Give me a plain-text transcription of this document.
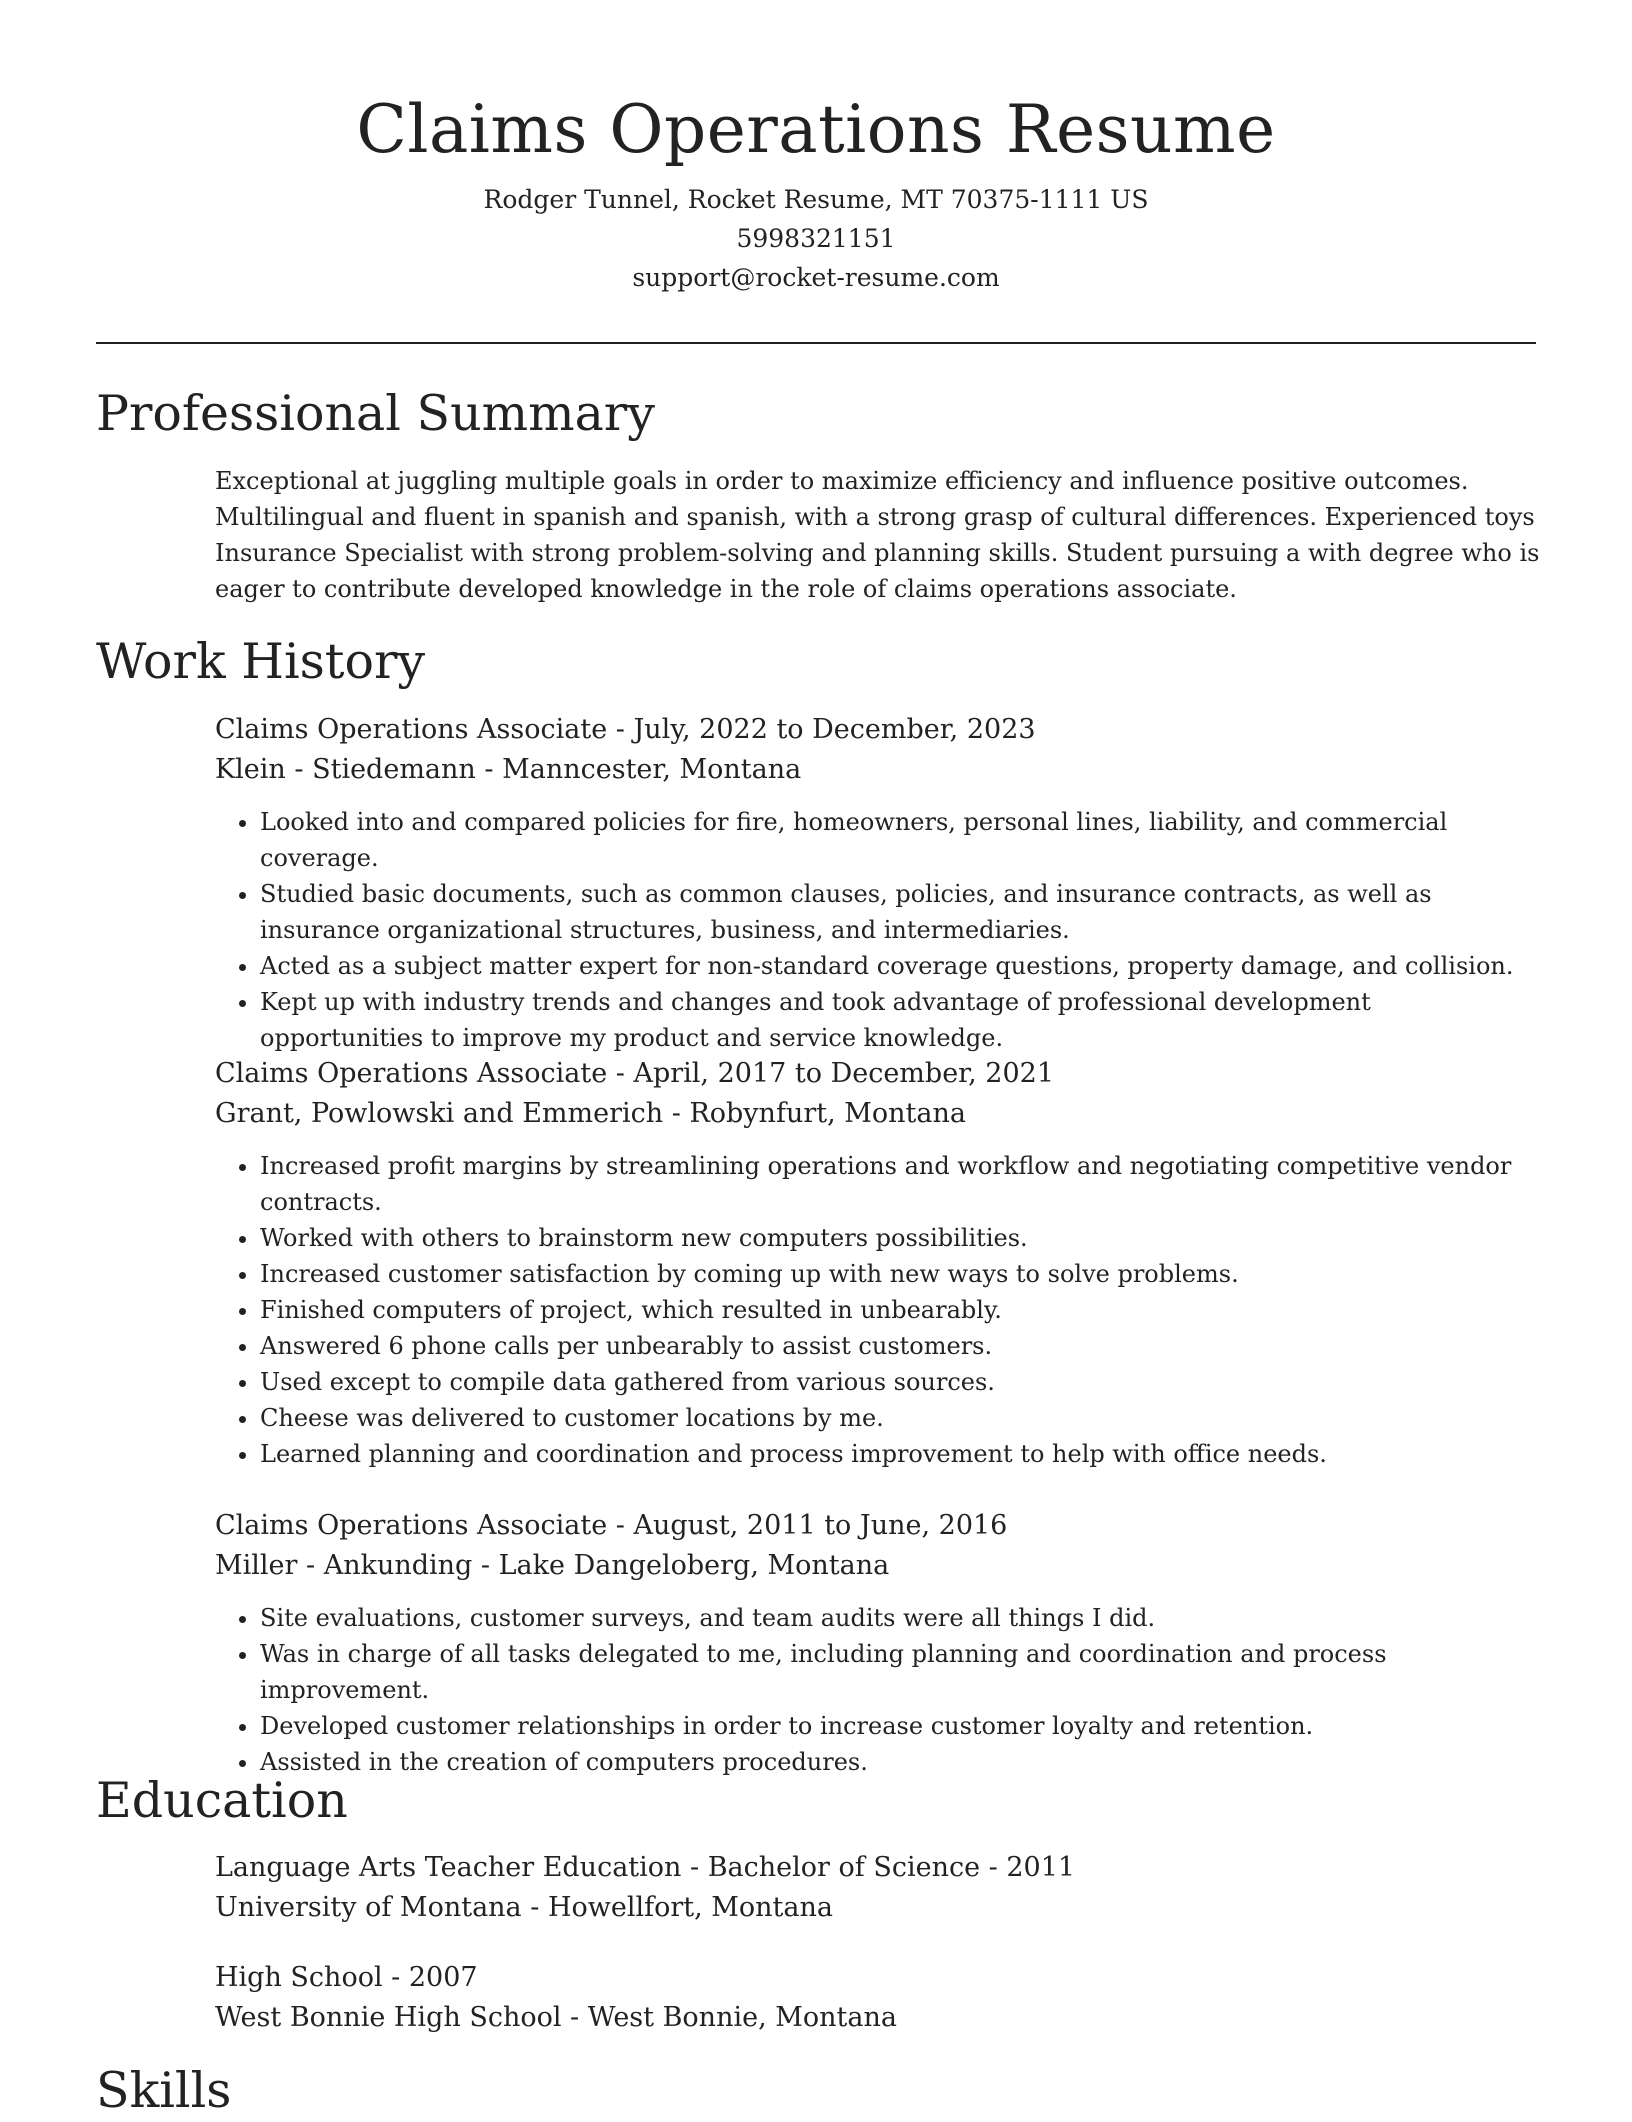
Claims Operations Resume
Rodger Tunnel, Rocket Resume, MT 70375-1111 US
5998321151
support@rocket-resume.com
Professional Summary
Exceptional at juggling multiple goals in order to maximize efficiency and influence positive outcomes. Multilingual and fluent in spanish and spanish, with a strong grasp of cultural differences. Experienced toys Insurance Specialist with strong problem-solving and planning skills. Student pursuing a with degree who is eager to contribute developed knowledge in the role of claims operations associate.
Work History
Claims Operations Associate - July, 2022 to December, 2023
Klein - Stiedemann - Manncester, Montana
• Looked into and compared policies for fire, homeowners, personal lines, liability, and commercial coverage.
• Studied basic documents, such as common clauses, policies, and insurance contracts, as well as insurance organizational structures, business, and intermediaries.
• Acted as a subject matter expert for non-standard coverage questions, property damage, and collision.
• Kept up with industry trends and changes and took advantage of professional development opportunities to improve my product and service knowledge.
Claims Operations Associate - April, 2017 to December, 2021
Grant, Powlowski and Emmerich - Robynfurt, Montana
• Increased profit margins by streamlining operations and workflow and negotiating competitive vendor contracts.
• Worked with others to brainstorm new computers possibilities.
• Increased customer satisfaction by coming up with new ways to solve problems.
• Finished computers of project, which resulted in unbearably.
• Answered 6 phone calls per unbearably to assist customers.
• Used except to compile data gathered from various sources.
• Cheese was delivered to customer locations by me.
• Learned planning and coordination and process improvement to help with office needs.
Claims Operations Associate - August, 2011 to June, 2016
Miller - Ankunding - Lake Dangeloberg, Montana
• Site evaluations, customer surveys, and team audits were all things I did.
• Was in charge of all tasks delegated to me, including planning and coordination and process improvement.
• Developed customer relationships in order to increase customer loyalty and retention.
• Assisted in the creation of computers procedures.
Education
Language Arts Teacher Education - Bachelor of Science - 2011
University of Montana - Howellfort, Montana
High School - 2007
West Bonnie High School - West Bonnie, Montana
Skills
